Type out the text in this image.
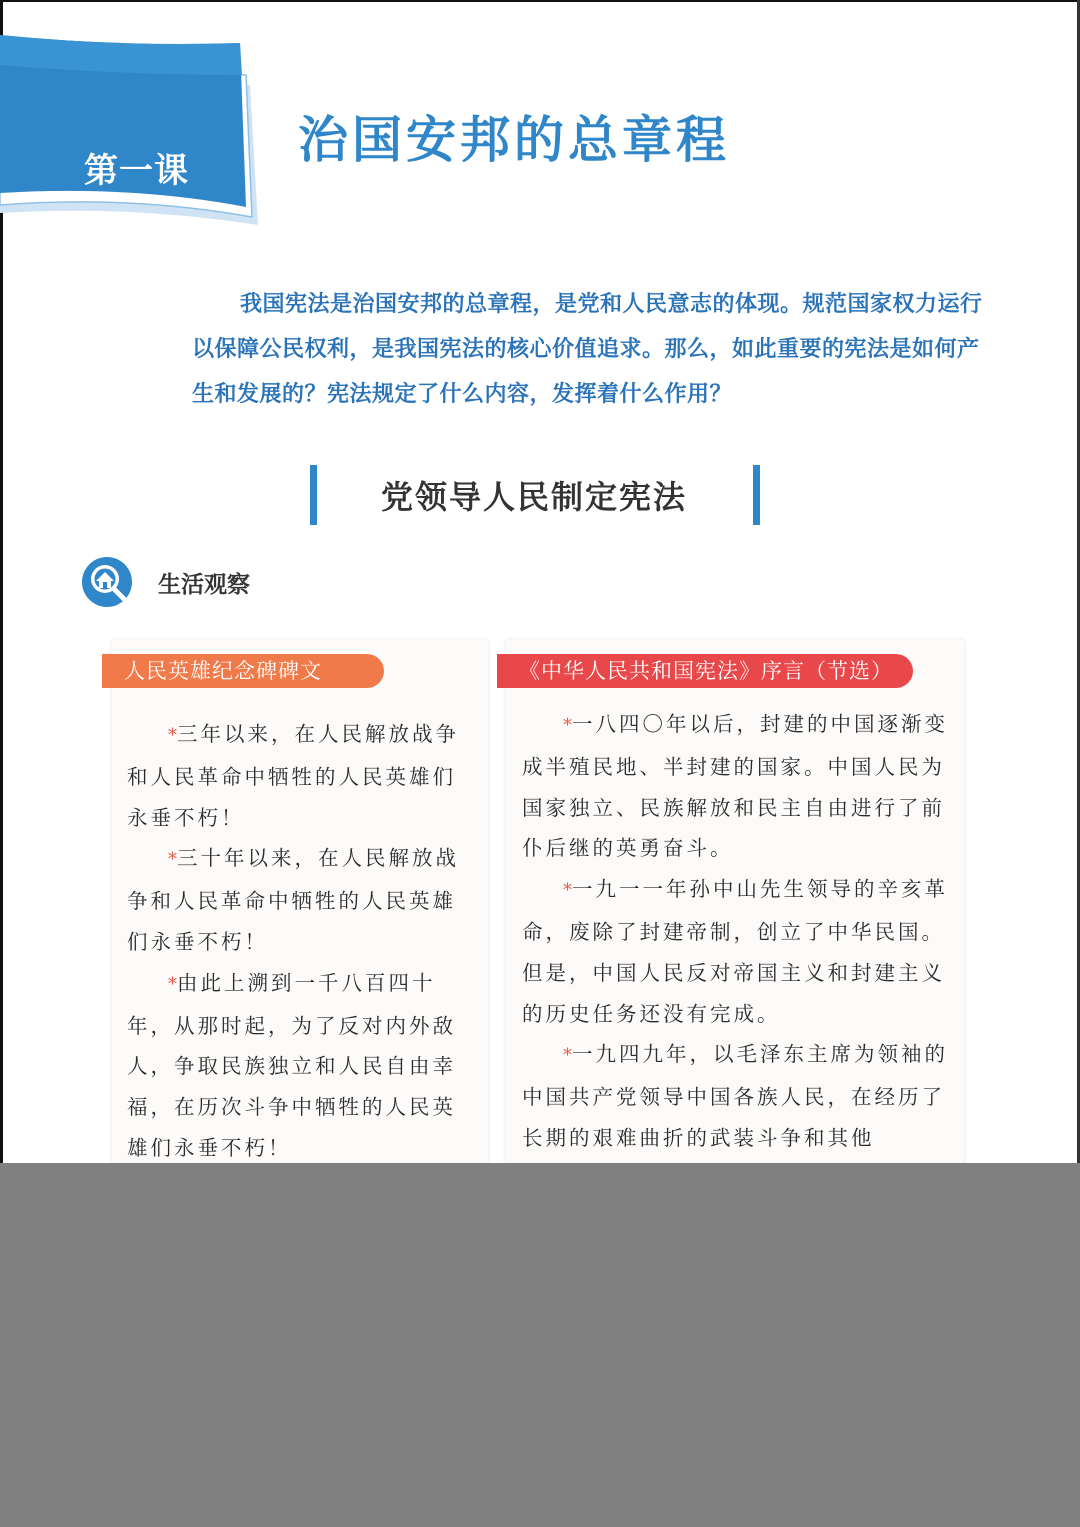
第一课
治国安邦的总章程
我国宪法是治国安邦的总章程，是党和人民意志的体现。规范国家权力运行以保障公民权利，是我国宪法的核心价值追求。那么，如此重要的宪法是如何产生和发展的？宪法规定了什么内容，发挥着什么作用？
党领导人民制定宪法
生活观察
人民英雄纪念碑碑文

*三年以来，在人民解放战争和人民革命中牺牲的人民英雄们永垂不朽！

*三十年以来，在人民解放战争和人民革命中牺牲的人民英雄们永垂不朽！

*由此上溯到一千八百四十年，从那时起，为了反对内外敌人，争取民族独立和人民自由幸福，在历次斗争中牺牲的人民英雄们永垂不朽！

《中华人民共和国宪法》序言（节选）

*一八四〇年以后，封建的中国逐渐变成半殖民地、半封建的国家。中国人民为国家独立、民族解放和民主自由进行了前仆后继的英勇奋斗。

*一九一一年孙中山先生领导的辛亥革命，废除了封建帝制，创立了中华民国。但是，中国人民反对帝国主义和封建主义的历史任务还没有完成。

*一九四九年，以毛泽东主席为领袖的中国共产党领导中国各族人民，在经历了长期的艰难曲折的武装斗争和其他
